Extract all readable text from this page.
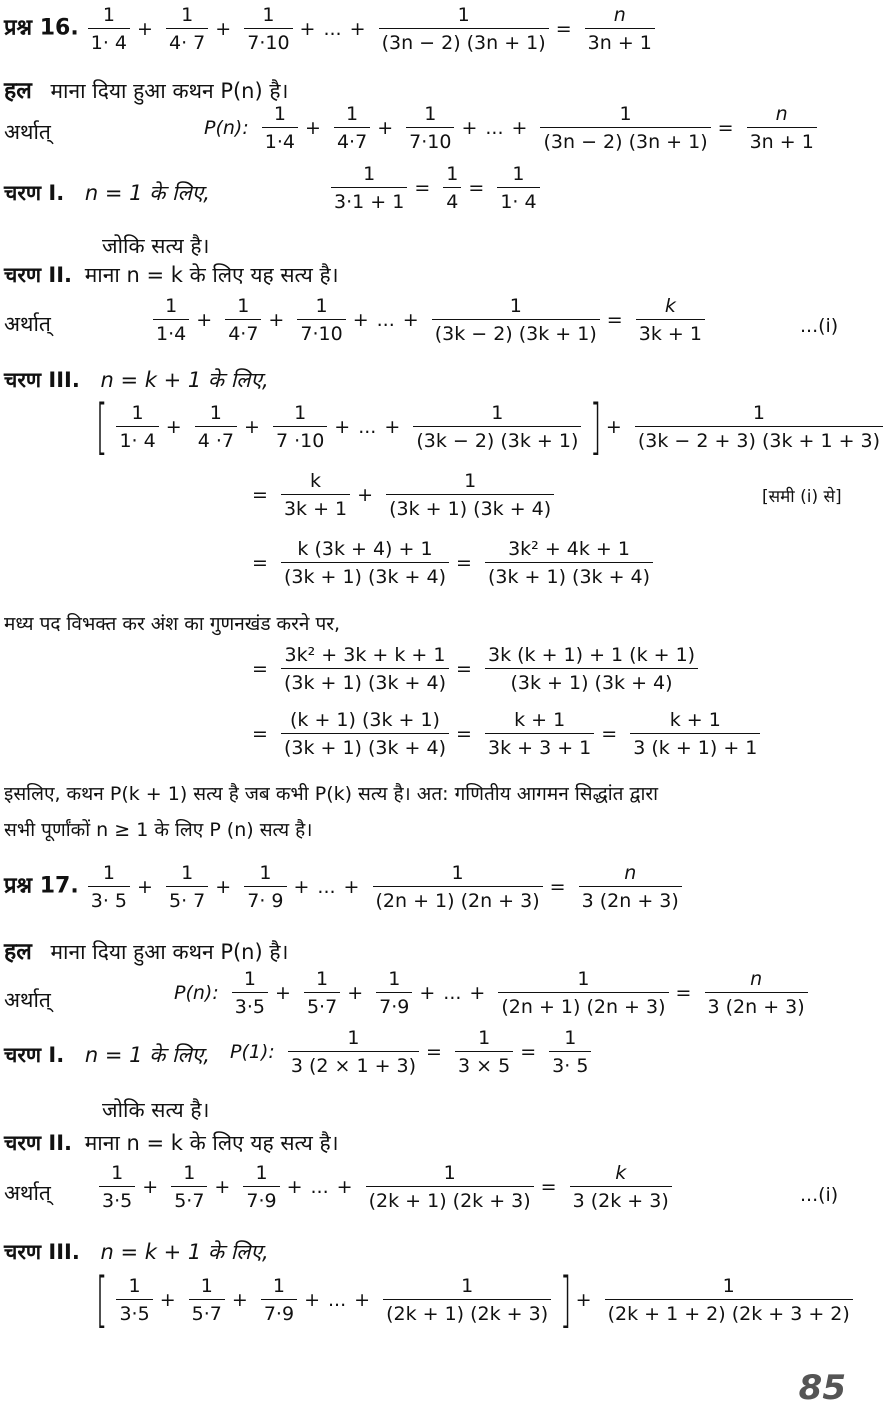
प्रश्न 16. $\frac{1}{1\cdot 4} + \frac{1}{4\cdot 7} + \frac{1}{7\cdot 10}$ + ... + $\frac{1}{(3n - 2) (3n + 1)} = \frac{n}{3n + 1}$
हल माना दिया हुआ कथन P(n) है।
अर्थात्	P(n): $\frac{1}{1\cdot 4} + \frac{1}{4\cdot 7} + \frac{1}{7\cdot 10}$ + ... + $\frac{1}{(3n - 2) (3n + 1)} = \frac{n}{3n + 1}$
चरण I. n = 1 के लिए,	$\frac{1}{3\cdot 1 + 1} = \frac{1}{4} = \frac{1}{1\cdot 4}$
जोकि सत्य है।
चरण II. माना n = k के लिए यह सत्य है।
अर्थात्	$\frac{1}{1\cdot 4} + \frac{1}{4\cdot 7} + \frac{1}{7\cdot 10}$ + ... + $\frac{1}{(3k - 2) (3k + 1)} = \frac{k}{3k + 1}$	...(i)
चरण III. n = k + 1 के लिए,
[ $\frac{1}{1\cdot 4} + \frac{1}{4 \cdot 7} + \frac{1}{7 \cdot 10}$ + ... + $\frac{1}{(3k - 2) (3k + 1)}$ ] + $\frac{1}{(3k - 2 + 3) (3k + 1 + 3)}$
= $\frac{k}{3k + 1} + \frac{1}{(3k + 1) (3k + 4)}$	[समी (i) से]
= $\frac{k (3k + 4) + 1}{(3k + 1) (3k + 4)} = \frac{\text{3k² + 4k + 1}}{(3k + 1) (3k + 4)}$
मध्य पद विभक्त कर अंश का गुणनखंड करने पर,
= $\frac{\text{3k² + 3k + k + 1}}{(3k + 1) (3k + 4)} = \frac{3k (k + 1) + 1 (k + 1)}{(3k + 1) (3k + 4)}$
= $\frac{(k + 1) (3k + 1)}{(3k + 1) (3k + 4)} = \frac{k + 1}{3k + 3 + 1} = \frac{k + 1}{3 (k + 1) + 1}$
इसलिए, कथन P(k + 1) सत्य है जब कभी P(k) सत्य है। अत: गणितीय आगमन सिद्धांत द्वारा
सभी पूर्णांकों n ≥ 1 के लिए P (n) सत्य है।
प्रश्न 17. $\frac{1}{3\cdot 5} + \frac{1}{5\cdot 7} + \frac{1}{7\cdot 9}$ + ... + $\frac{1}{(2n + 1) (2n + 3)} = \frac{n}{3 (2n + 3)}$
हल माना दिया हुआ कथन P(n) है।
अर्थात्	P(n): $\frac{1}{3\cdot 5} + \frac{1}{5\cdot 7} + \frac{1}{7\cdot 9}$ + ... + $\frac{1}{(2n + 1) (2n + 3)} = \frac{n}{3 (2n + 3)}$
चरण I. n = 1 के लिए, P(1): $\frac{1}{3 (2 \times 1 + 3)} = \frac{1}{3 \times 5} = \frac{1}{3\cdot 5}$
जोकि सत्य है।
चरण II. माना n = k के लिए यह सत्य है।
अर्थात्	$\frac{1}{3\cdot 5} + \frac{1}{5\cdot 7} + \frac{1}{7\cdot 9}$ + ... + $\frac{1}{(2k + 1) (2k + 3)} = \frac{k}{3 (2k + 3)}$	...(i)
चरण III. n = k + 1 के लिए,
[ $\frac{1}{3\cdot 5} + \frac{1}{5\cdot 7} + \frac{1}{7\cdot 9}$ + ... + $\frac{1}{(2k + 1) (2k + 3)}$ ] + $\frac{1}{(2k + 1 + 2) (2k + 3 + 2)}$
85
